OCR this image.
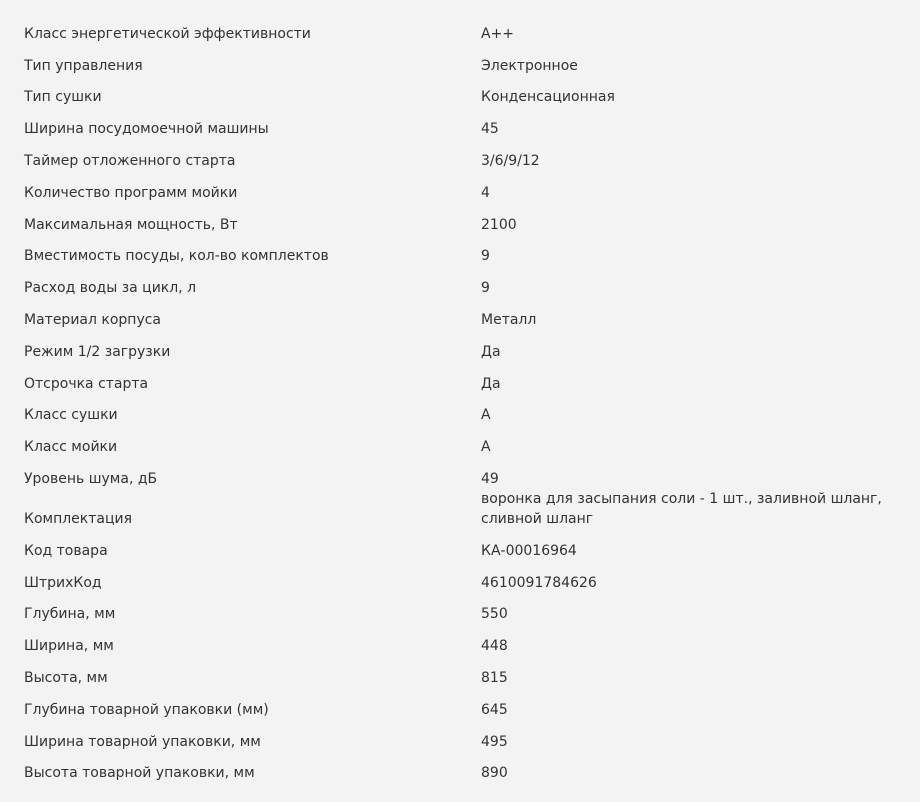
Класс энергетической эффективности	A++
Тип управления	Электронное
Тип сушки	Конденсационная
Ширина посудомоечной машины	45
Таймер отложенного старта	3/6/9/12
Количество программ мойки	4
Максимальная мощность, Вт	2100
Вместимость посуды, кол-во комплектов	9
Расход воды за цикл, л	9
Материал корпуса	Металл
Режим 1/2 загрузки	Да
Отсрочка старта	Да
Класс сушки	A
Класс мойки	A
Уровень шума, дБ	49
Комплектация	воронка для засыпания соли - 1 шт., заливной шланг, сливной шланг
Код товара	КА-00016964
ШтрихКод	4610091784626
Глубина, мм	550
Ширина, мм	448
Высота, мм	815
Глубина товарной упаковки (мм)	645
Ширина товарной упаковки, мм	495
Высота товарной упаковки, мм	890
